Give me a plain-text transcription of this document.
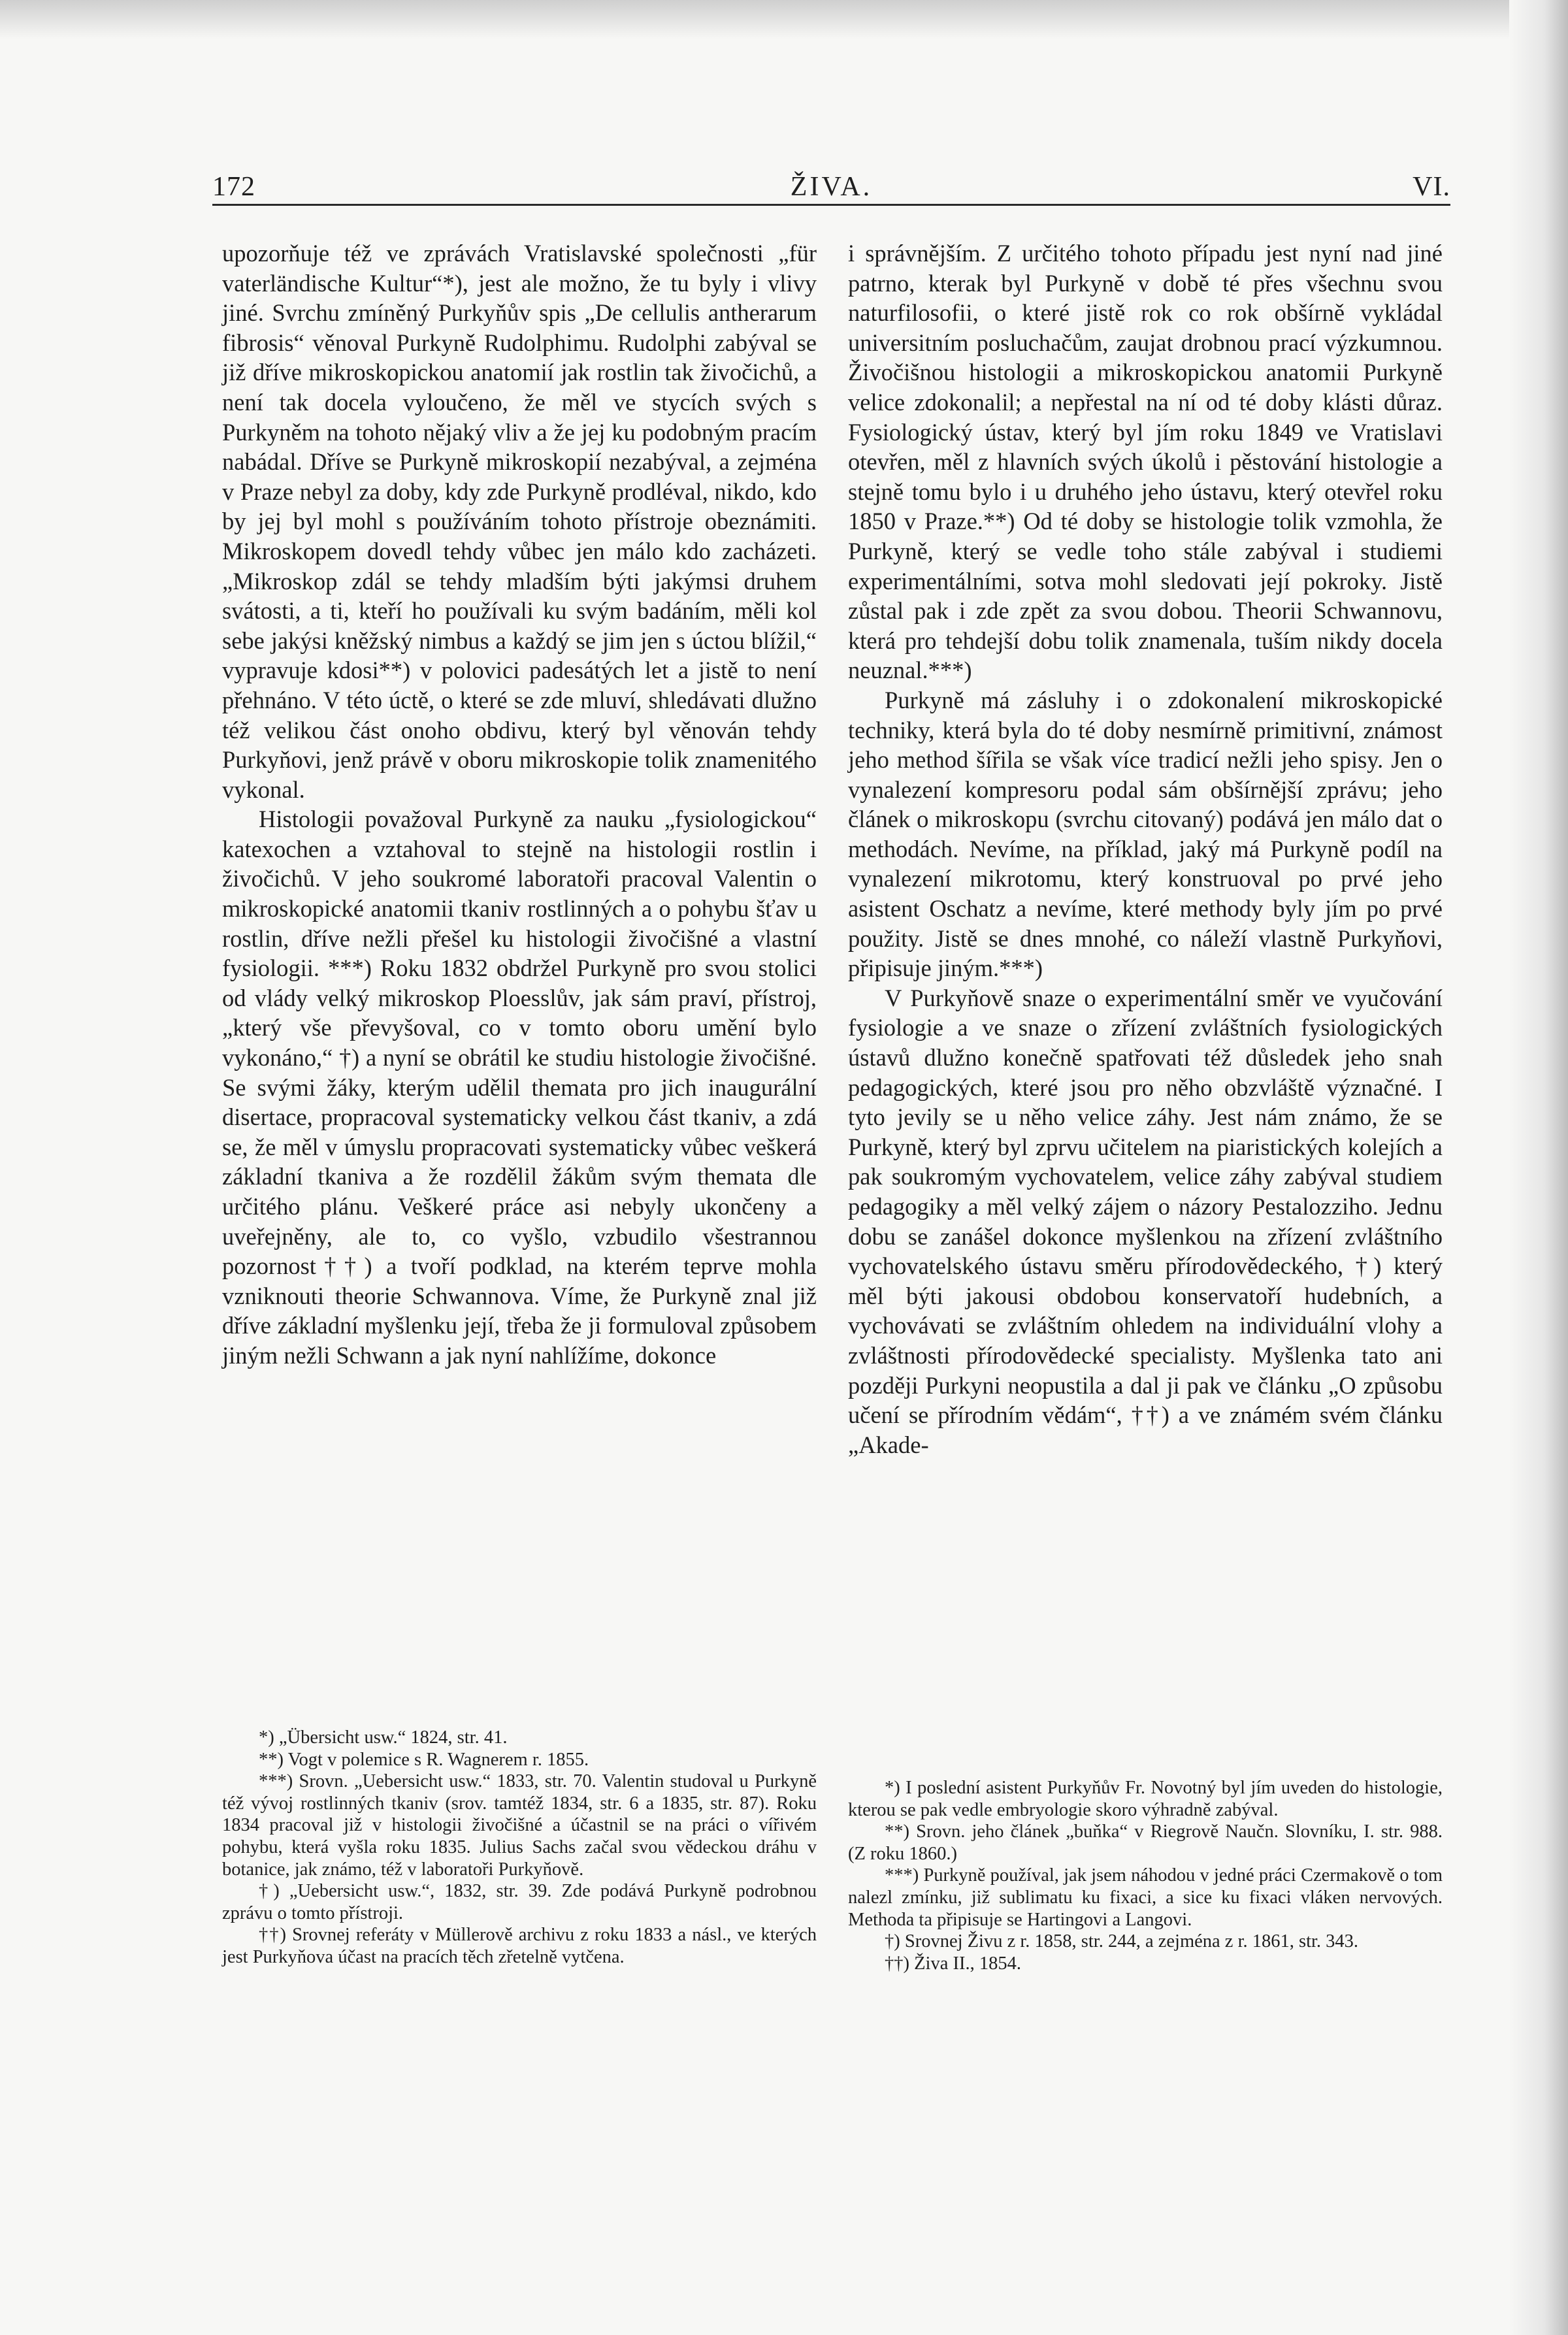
ŽIVA.
172	VI.

upozorňuje též ve zprávách Vratislavské společnosti „für vaterländische Kultur“*), jest ale možno, že tu byly i vlivy jiné. Svrchu zmíněný Purkyňův spis „De cellulis antherarum fibrosis“ věnoval Purkyně Rudolphimu. Rudolphi zabýval se již dříve mikroskopickou anatomií jak rostlin tak živočichů, a není tak docela vyloučeno, že měl ve stycích svých s Purkyněm na tohoto nějaký vliv a že jej ku podobným pracím nabádal. Dříve se Purkyně mikroskopií nezabýval, a zejména v Praze nebyl za doby, kdy zde Purkyně prodléval, nikdo, kdo by jej byl mohl s používáním tohoto přístroje obeznámiti. Mikroskopem dovedl tehdy vůbec jen málo kdo zacházeti. „Mikroskop zdál se tehdy mladším býti jakýmsi druhem svátosti, a ti, kteří ho používali ku svým badáním, měli kol sebe jakýsi kněžský nimbus a každý se jim jen s úctou blížil,“ vypravuje kdosi**) v polovici padesátých let a jistě to není přehnáno. V této úctě, o které se zde mluví, shledávati dlužno též velikou část onoho obdivu, který byl věnován tehdy Purkyňovi, jenž právě v oboru mikroskopie tolik znamenitého vykonal.

Histologii považoval Purkyně za nauku „fysiologickou“ katexochen a vztahoval to stejně na histologii rostlin i živočichů. V jeho soukromé laboratoři pracoval Valentin o mikroskopické anatomii tkaniv rostlinných a o pohybu šťav u rostlin, dříve nežli přešel ku histologii živočišné a vlastní fysiologii. ***) Roku 1832 obdržel Purkyně pro svou stolici od vlády velký mikroskop Ploesslův, jak sám praví, přístroj, „který vše převyšoval, co v tomto oboru umění bylo vykonáno,“ †) a nyní se obrátil ke studiu histologie živočišné. Se svými žáky, kterým udělil themata pro jich inaugurální disertace, propracoval systematicky velkou část tkaniv, a zdá se, že měl v úmyslu propracovati systematicky vůbec veškerá základní tkaniva a že rozdělil žákům svým themata dle určitého plánu. Veškeré práce asi nebyly ukončeny a uveřejněny, ale to, co vyšlo, vzbudilo všestrannou pozornost††) a tvoří podklad, na kterém teprve mohla vzniknouti theorie Schwannova. Víme, že Purkyně znal již dříve základní myšlenku její, třeba že ji formuloval způsobem jiným nežli Schwann a jak nyní nahlížíme, dokonce

*) „Übersicht usw.“ 1824, str. 41.

**) Vogt v polemice s R. Wagnerem r. 1855.

***) Srovn. „Uebersicht usw.“ 1833, str. 70. Valentin studoval u Purkyně též vývoj rostlinných tkaniv (srov. tamtéž 1834, str. 6 a 1835, str. 87). Roku 1834 pracoval již v histologii živočišné a účastnil se na práci o vířivém pohybu, která vyšla roku 1835. Julius Sachs začal svou vědeckou dráhu v botanice, jak známo, též v laboratoři Purkyňově.

†) „Uebersicht usw.“, 1832, str. 39. Zde podává Purkyně podrobnou zprávu o tomto přístroji.

††) Srovnej referáty v Müllerově archivu z roku 1833 a násl., ve kterých jest Purkyňova účast na pracích těch zřetelně vytčena.

i správnějším. Z určitého tohoto případu jest nyní nad jiné patrno, kterak byl Purkyně v době té přes všechnu svou naturfilosofii, o které jistě rok co rok obšírně vykládal universitním posluchačům, zaujat drobnou prací výzkumnou. Živočišnou histologii a mikroskopickou anatomii Purkyně velice zdokonalil; a nepřestal na ní od té doby klásti důraz. Fysiologický ústav, který byl jím roku 1849 ve Vratislavi otevřen, měl z hlavních svých úkolů i pěstování histologie a stejně tomu bylo i u druhého jeho ústavu, který otevřel roku 1850 v Praze.**) Od té doby se histologie tolik vzmohla, že Purkyně, který se vedle toho stále zabýval i studiemi experimentálními, sotva mohl sledovati její pokroky. Jistě zůstal pak i zde zpět za svou dobou. Theorii Schwannovu, která pro tehdejší dobu tolik znamenala, tuším nikdy docela neuznal.***)

Purkyně má zásluhy i o zdokonalení mikroskopické techniky, která byla do té doby nesmírně primitivní, známost jeho method šířila se však více tradicí nežli jeho spisy. Jen o vynalezení kompresoru podal sám obšírnější zprávu; jeho článek o mikroskopu (svrchu citovaný) podává jen málo dat o methodách. Nevíme, na příklad, jaký má Purkyně podíl na vynalezení mikrotomu, který konstruoval po prvé jeho asistent Oschatz a nevíme, které methody byly jím po prvé použity. Jistě se dnes mnohé, co náleží vlastně Purkyňovi, připisuje jiným.***)

V Purkyňově snaze o experimentální směr ve vyučování fysiologie a ve snaze o zřízení zvláštních fysiologických ústavů dlužno konečně spatřovati též důsledek jeho snah pedagogických, které jsou pro něho obzvláště význačné. I tyto jevily se u něho velice záhy. Jest nám známo, že se Purkyně, který byl zprvu učitelem na piaristických kolejích a pak soukromým vychovatelem, velice záhy zabýval studiem pedagogiky a měl velký zájem o názory Pestalozziho. Jednu dobu se zanášel dokonce myšlenkou na zřízení zvláštního vychovatelského ústavu směru přírodovědeckého, †) který měl býti jakousi obdobou konservatoří hudebních, a vychovávati se zvláštním ohledem na individuální vlohy a zvláštnosti přírodovědecké specialisty. Myšlenka tato ani později Purkyni neopustila a dal ji pak ve článku „O způsobu učení se přírodním vědám“, ††) a ve známém svém článku „Akade-

*) I poslední asistent Purkyňův Fr. Novotný byl jím uveden do histologie, kterou se pak vedle embryologie skoro výhradně zabýval.

**) Srovn. jeho článek „buňka“ v Riegrově Naučn. Slovníku, I. str. 988. (Z roku 1860.)

***) Purkyně používal, jak jsem náhodou v jedné práci Czermakově o tom nalezl zmínku, již sublimatu ku fixaci, a sice ku fixaci vláken nervových. Methoda ta připisuje se Hartingovi a Langovi.

†) Srovnej Živu z r. 1858, str. 244, a zejména z r. 1861, str. 343.

††) Živa II., 1854.
